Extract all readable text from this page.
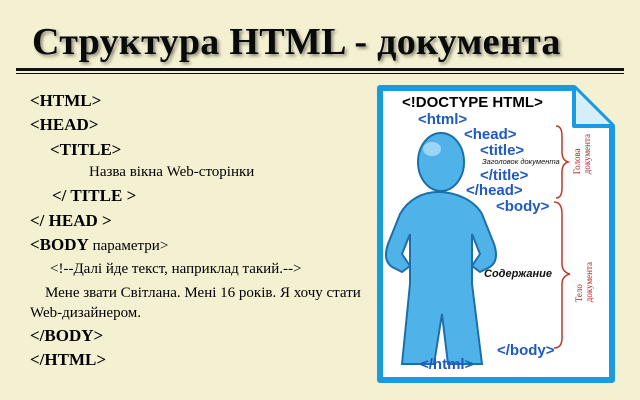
Структура HTML - документа
<HTML>
<HEAD>
<TITLE>
Назва вікна Web-сторінки
</ TITLE >
</ HEAD >
<BODY параметри>
<!--Далі йде текст, наприклад такий.-->
Мене звати Світлана. Мені 16 років. Я хочу стати
Web-дизайнером.
</BODY>
</HTML>
<!DOCTYPE HTML>
<html>
<head>
<title>
Заголовок документа
</title>
</head>
<body>
Содержание
</html>
</body>
Голова
документа
Тело
документа
